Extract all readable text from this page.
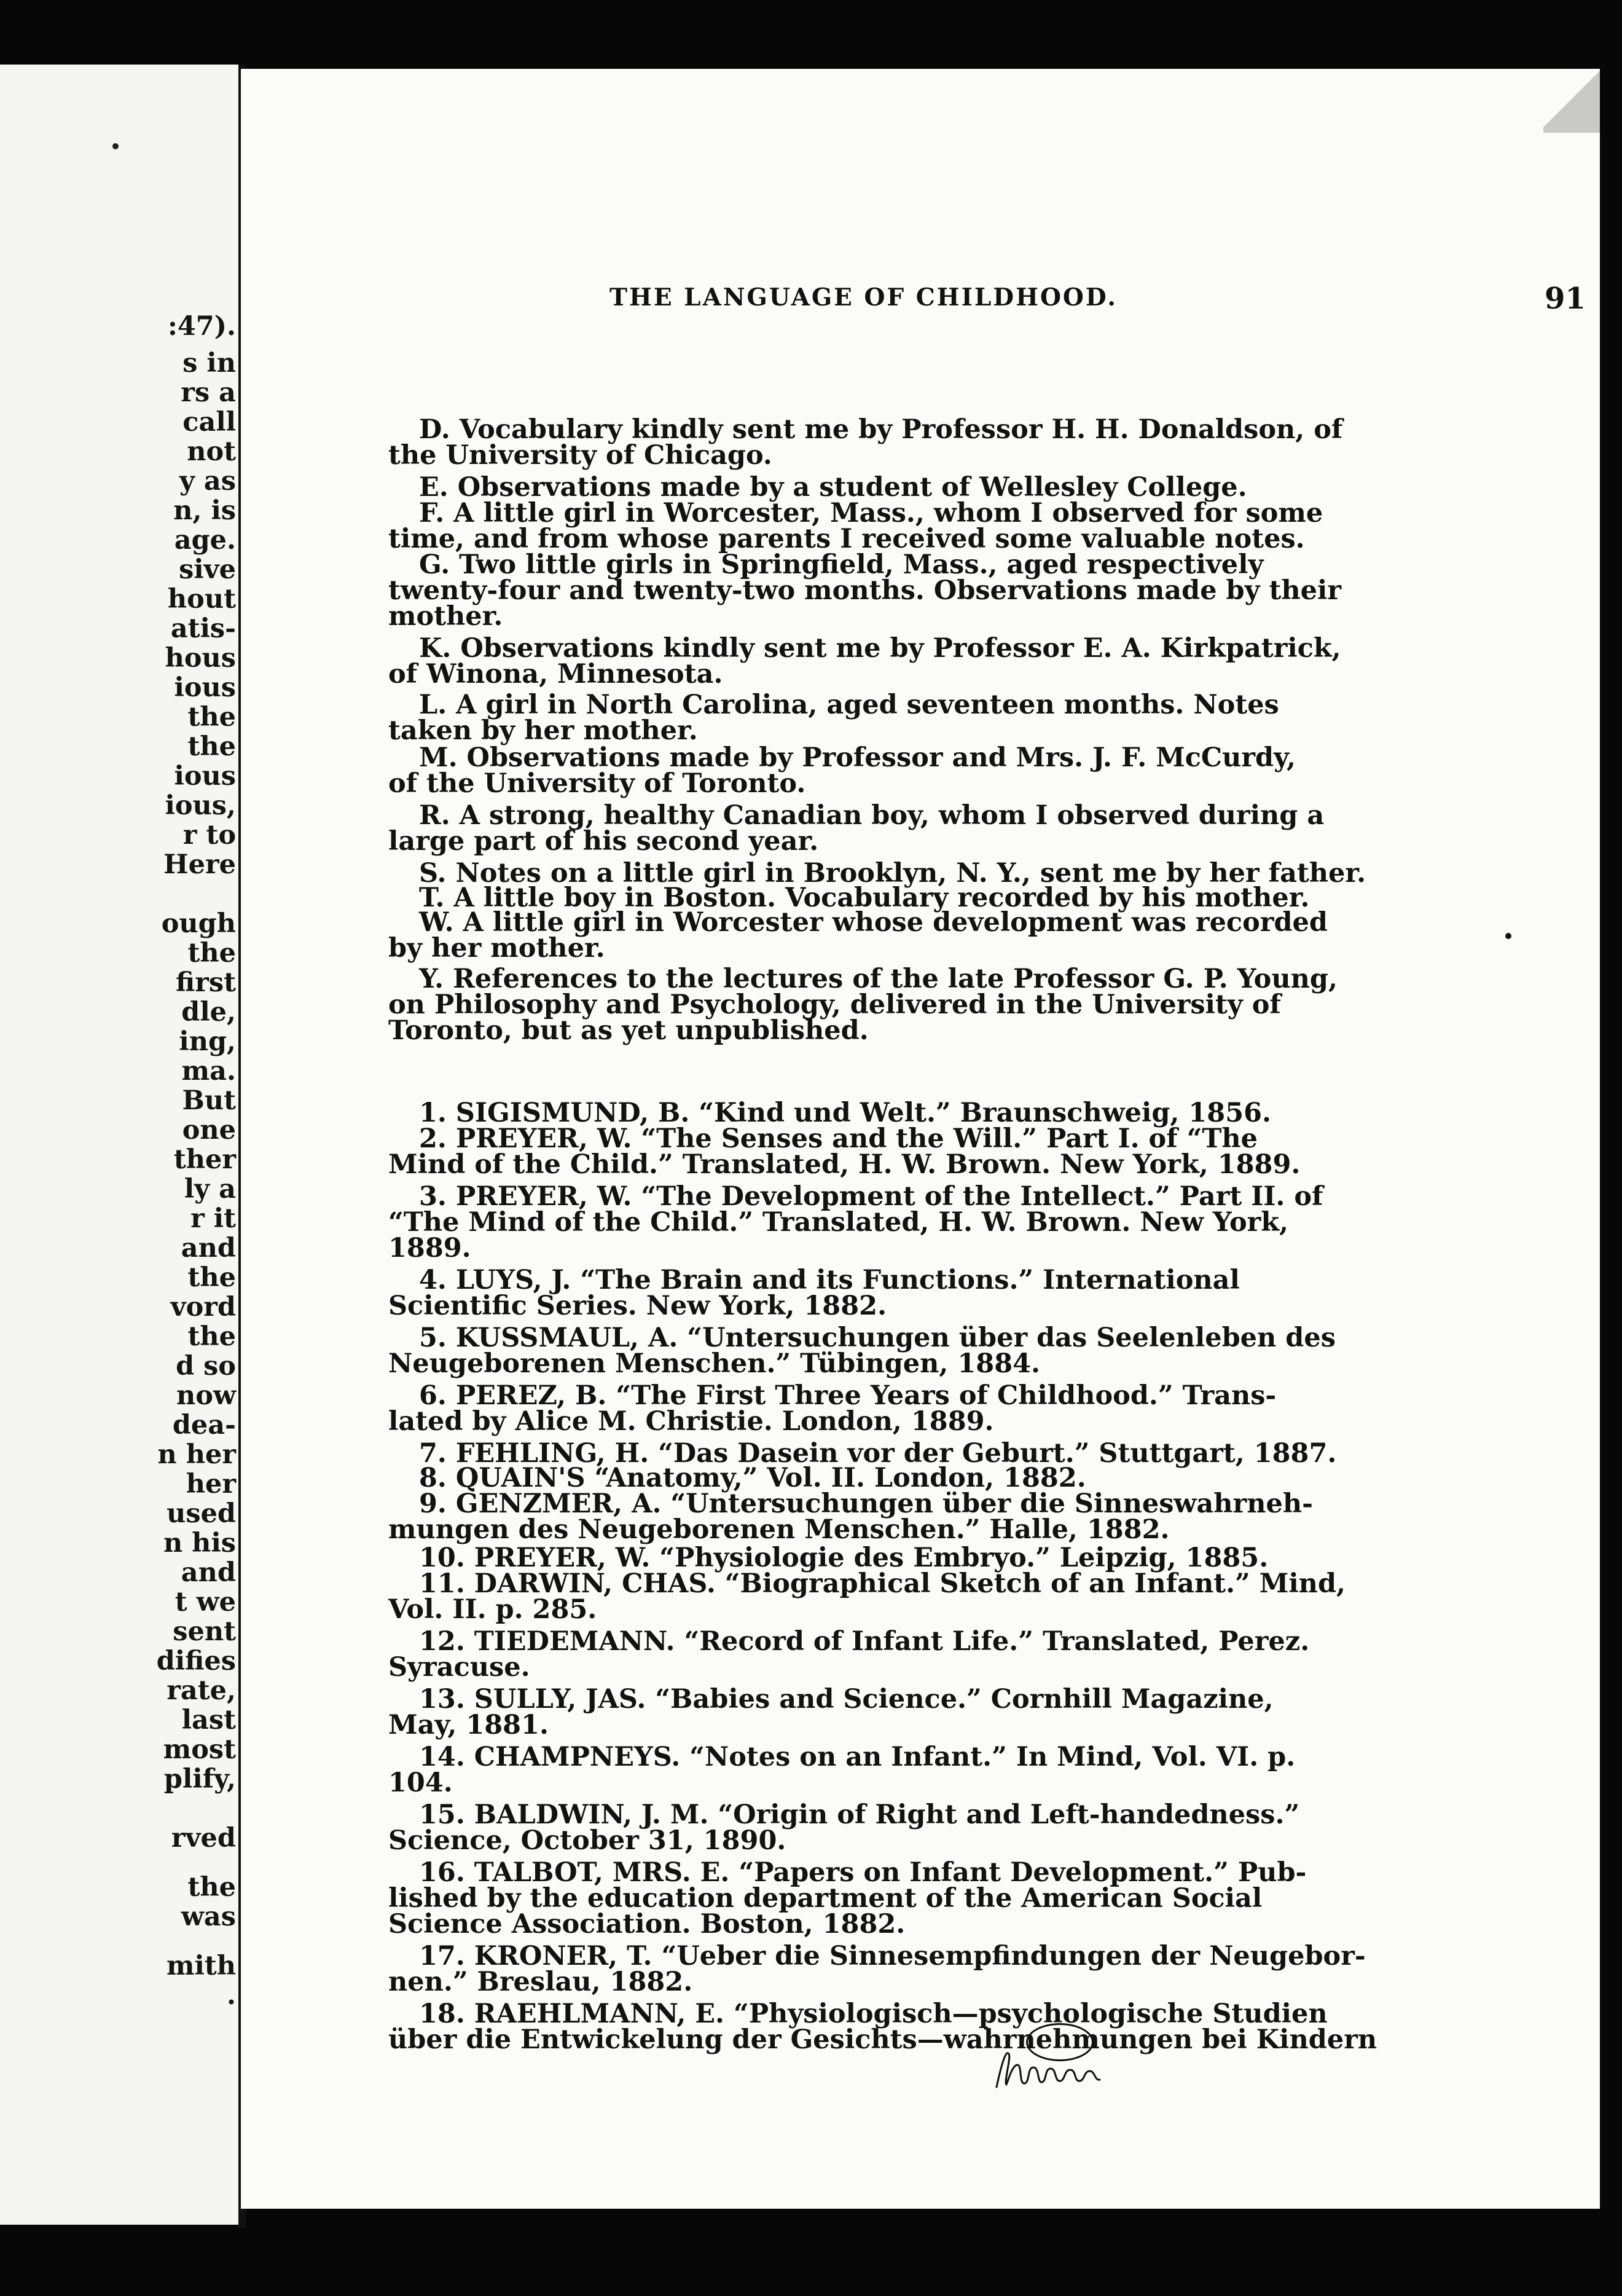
:47).
s in
rs a
call
not
y as
n, is
age.
sive
hout
atis-
hous
ious
the
the
ious
ious,
r to
Here
ough
the
first
dle,
ing,
ma.
But
one
ther
ly a
r it
and
the
vord
the
d so
now
dea-
n her
her
used
n his
and
t we
sent
difies
rate,
last
most
plify,
rved
the
was
mith
.
THE LANGUAGE OF CHILDHOOD.	91
D. Vocabulary kindly sent me by Professor H. H. Donaldson, of
the University of Chicago.
E. Observations made by a student of Wellesley College.
F. A little girl in Worcester, Mass., whom I observed for some
time, and from whose parents I received some valuable notes.
G. Two little girls in Springfield, Mass., aged respectively
twenty-four and twenty-two months. Observations made by their
mother.
K. Observations kindly sent me by Professor E. A. Kirkpatrick,
of Winona, Minnesota.
L. A girl in North Carolina, aged seventeen months. Notes
taken by her mother.
M. Observations made by Professor and Mrs. J. F. McCurdy,
of the University of Toronto.
R. A strong, healthy Canadian boy, whom I observed during a
large part of his second year.
S. Notes on a little girl in Brooklyn, N. Y., sent me by her father.
T. A little boy in Boston. Vocabulary recorded by his mother.
W. A little girl in Worcester whose development was recorded
by her mother.
Y. References to the lectures of the late Professor G. P. Young,
on Philosophy and Psychology, delivered in the University of
Toronto, but as yet unpublished.
1. SIGISMUND, B. “Kind und Welt.” Braunschweig, 1856.
2. PREYER, W. “The Senses and the Will.” Part I. of “The
Mind of the Child.” Translated, H. W. Brown. New York, 1889.
3. PREYER, W. “The Development of the Intellect.” Part II. of
“The Mind of the Child.” Translated, H. W. Brown. New York,
1889.
4. LUYS, J. “The Brain and its Functions.” International
Scientific Series. New York, 1882.
5. KUSSMAUL, A. “Untersuchungen über das Seelenleben des
Neugeborenen Menschen.” Tübingen, 1884.
6. PEREZ, B. “The First Three Years of Childhood.” Trans-
lated by Alice M. Christie. London, 1889.
7. FEHLING, H. “Das Dasein vor der Geburt.” Stuttgart, 1887.
8. QUAIN'S “Anatomy,” Vol. II. London, 1882.
9. GENZMER, A. “Untersuchungen über die Sinneswahrneh-
mungen des Neugeborenen Menschen.” Halle, 1882.
10. PREYER, W. “Physiologie des Embryo.” Leipzig, 1885.
11. DARWIN, CHAS. “Biographical Sketch of an Infant.” Mind,
Vol. II. p. 285.
12. TIEDEMANN. “Record of Infant Life.” Translated, Perez.
Syracuse.
13. SULLY, JAS. “Babies and Science.” Cornhill Magazine,
May, 1881.
14. CHAMPNEYS. “Notes on an Infant.” In Mind, Vol. VI. p.
104.
15. BALDWIN, J. M. “Origin of Right and Left-handedness.”
Science, October 31, 1890.
16. TALBOT, MRS. E. “Papers on Infant Development.” Pub-
lished by the education department of the American Social
Science Association. Boston, 1882.
17. KRONER, T. “Ueber die Sinnesempfindungen der Neugebor-
nen.” Breslau, 1882.
18. RAEHLMANN, E. “Physiologisch—psychologische Studien
über die Entwickelung der Gesichts—wahrnehmungen bei Kindern
